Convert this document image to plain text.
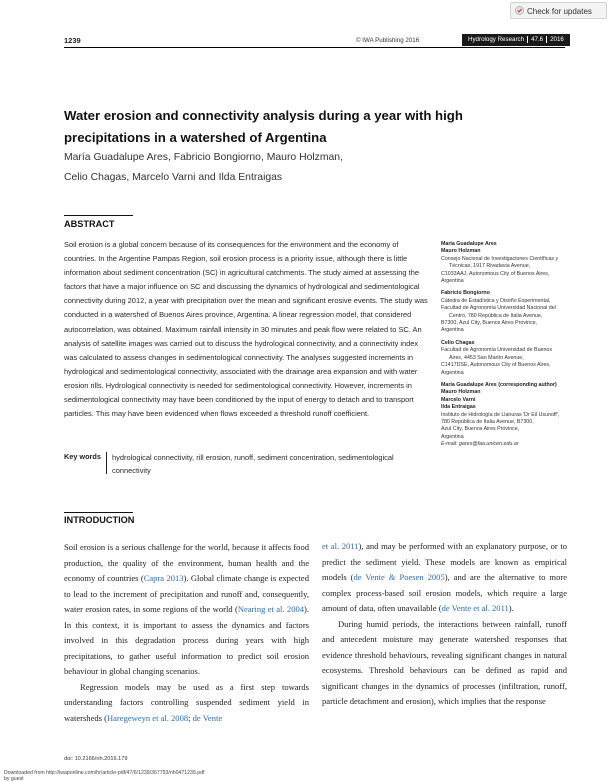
Check for updates
1239	© IWA Publishing 2016	Hydrology Research 47.6 2016
Water erosion and connectivity analysis during a year with high precipitations in a watershed of Argentina
María Guadalupe Ares, Fabricio Bongiorno, Mauro Holzman,
Celio Chagas, Marcelo Varni and Ilda Entraigas
ABSTRACT
Soil erosion is a global concern because of its consequences for the environment and the economy of countries. In the Argentine Pampas Region, soil erosion process is a priority issue, although there is little information about sediment concentration (SC) in agricultural catchments. The study aimed at assessing the factors that have a major influence on SC and discussing the dynamics of hydrological and sedimentological connectivity during 2012, a year with precipitation over the mean and significant erosive events. The study was conducted in a watershed of Buenos Aires province, Argentina. A linear regression model, that considered autocorrelation, was obtained. Maximum rainfall intensity in 30 minutes and peak flow were related to SC. An analysis of satellite images was carried out to discuss the hydrological connectivity, and a connectivity index was calculated to assess changes in sedimentological connectivity. The analyses suggested increments in hydrological and sedimentological connectivity, associated with the drainage area expansion and with water erosion rills. Hydrological connectivity is needed for sedimentological connectivity. However, increments in sedimentological connectivity may have been conditioned by the input of energy to detach and to transport particles. This may have been evidenced when flows exceeded a threshold runoff coefficient.
Key words hydrological connectivity, rill erosion, runoff, sediment concentration, sedimentological connectivity
María Guadalupe Ares
Mauro Holzman
Consejo Nacional de Investigaciones Científicas y
Técnicas, 1917 Rivadavia Avenue,
C1033AAJ, Autonomous City of Buenos Aires,
Argentina
Fabricio Bongiorno
Cátedra de Estadística y Diseño Experimental,
Facultad de Agronomía Universidad Nacional del
Centro, 780 República de Italia Avenue,
B7300, Azul City, Buenos Aires Province,
Argentina
Celio Chagas
Facultad de Agronomía Universidad de Buenos
Aires, 4453 San Martín Avenue,
C1417DSE, Autonomous City of Buenos Aires,
Argentina
María Guadalupe Ares (corresponding author)
Mauro Holzman
Marcelo Varni
Ilda Entraigas
Instituto de Hidrología de Llanuras 'Dr Eil Usunoff',
780 República de Italia Avenue, B7300,
Azul City, Buenos Aires Province,
Argentina
E-mail: gares@faa.unicen.edu.ar
INTRODUCTION

Soil erosion is a serious challenge for the world, because it affects food production, the quality of the environment, human health and the economy of countries (Capra 2013). Global climate change is expected to lead to the increment of precipitation and runoff and, consequently, water erosion rates, in some regions of the world (Nearing et al. 2004). In this context, it is important to assess the dynamics and factors involved in this degradation process during years with high precipitations, to gather useful information to predict soil erosion behaviour in global changing scenarios.

Regression models may be used as a first step towards understanding factors controlling suspended sediment yield in watersheds (Haregeweyn et al. 2008; de Vente

et al. 2011), and may be performed with an explanatory purpose, or to predict the sediment yield. These models are known as empirical models (de Vente & Poesen 2005), and are the alternative to more complex process-based soil erosion models, which require a large amount of data, often unavailable (de Vente et al. 2011).

During humid periods, the interactions between rainfall, runoff and antecedent moisture may generate watershed responses that evidence threshold behaviours, revealing significant changes in natural ecosystems. Threshold behaviours can be defined as rapid and significant changes in the dynamics of processes (infiltration, runoff, particle detachment and erosion), which implies that the response

doi: 10.2166/nh.2016.179
Downloaded from http://iwaponline.com/hr/article-pdf/47/6/1239/367793/nh0471239.pdf
by guest
